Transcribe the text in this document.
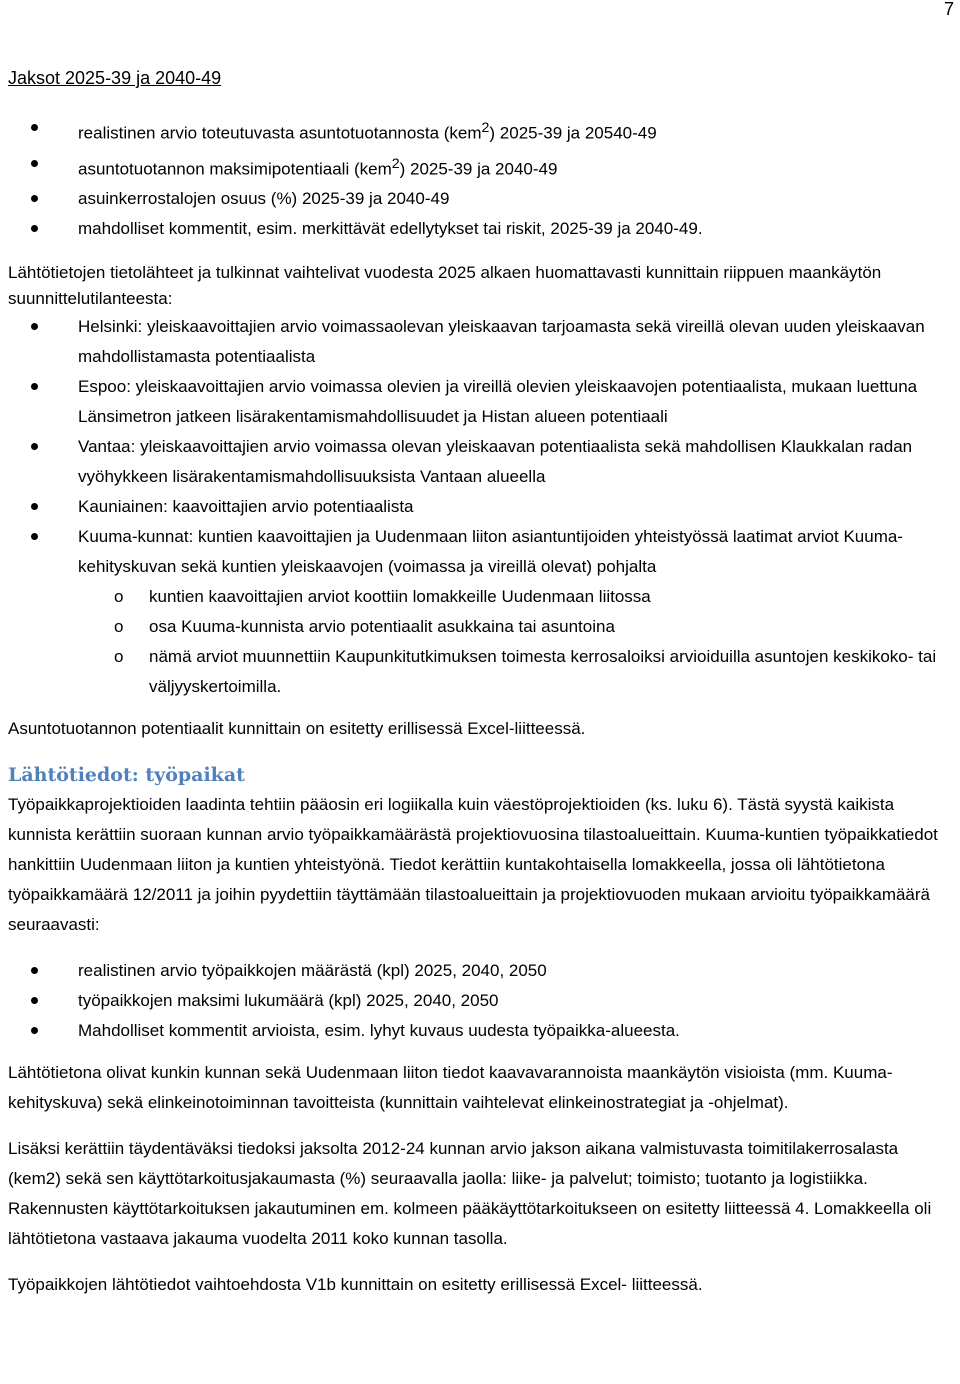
7
Jaksot 2025-39 ja 2040-49
realistinen arvio toteutuvasta asuntotuotannosta (kem$^2$) 2025-39 ja 20540-49
asuntotuotannon maksimipotentiaali (kem$^2$) 2025-39 ja 2040-49
asuinkerrostalojen osuus (%) 2025-39 ja 2040-49
mahdolliset kommentit, esim. merkittävät edellytykset tai riskit, 2025-39 ja 2040-49.

Lähtötietojen tietolähteet ja tulkinnat vaihtelivat vuodesta 2025 alkaen huomattavasti kunnittain riippuen maankäytön suunnittelutilanteesta:

Helsinki: yleiskaavoittajien arvio voimassaolevan yleiskaavan tarjoamasta sekä vireillä olevan uuden yleiskaavan mahdollistamasta potentiaalista
Espoo: yleiskaavoittajien arvio voimassa olevien ja vireillä olevien yleiskaavojen potentiaalista, mukaan luettuna Länsimetron jatkeen lisärakentamismahdollisuudet ja Histan alueen potentiaali
Vantaa: yleiskaavoittajien arvio voimassa olevan yleiskaavan potentiaalista sekä mahdollisen Klaukkalan radan vyöhykkeen lisärakentamismahdollisuuksista Vantaan alueella
Kauniainen: kaavoittajien arvio potentiaalista
Kuuma-kunnat: kuntien kaavoittajien ja Uudenmaan liiton asiantuntijoiden yhteistyössä laatimat arviot Kuuma-kehityskuvan sekä kuntien yleiskaavojen (voimassa ja vireillä olevat) pohjalta
o kuntien kaavoittajien arviot koottiin lomakkeille Uudenmaan liitossa
o osa Kuuma-kunnista arvio potentiaalit asukkaina tai asuntoina
o nämä arviot muunnettiin Kaupunkitutkimuksen toimesta kerrosaloiksi arvioiduilla asuntojen keskikoko- tai väljyyskertoimilla.

Asuntotuotannon potentiaalit kunnittain on esitetty erillisessä Excel-liitteessä.

Lähtötiedot: työpaikat

Työpaikkaprojektioiden laadinta tehtiin pääosin eri logiikalla kuin väestöprojektioiden (ks. luku 6). Tästä syystä kaikista kunnista kerättiin suoraan kunnan arvio työpaikkamäärästä projektiovuosina tilastoalueittain. Kuuma-kuntien työpaikkatiedot hankittiin Uudenmaan liiton ja kuntien yhteistyönä. Tiedot kerättiin kuntakohtaisella lomakkeella, jossa oli lähtötietona työpaikkamäärä 12/2011 ja joihin pyydettiin täyttämään tilastoalueittain ja projektiovuoden mukaan arvioitu työpaikkamäärä seuraavasti:

realistinen arvio työpaikkojen määrästä (kpl) 2025, 2040, 2050
työpaikkojen maksimi lukumäärä (kpl) 2025, 2040, 2050
Mahdolliset kommentit arvioista, esim. lyhyt kuvaus uudesta työpaikka-alueesta.

Lähtötietona olivat kunkin kunnan sekä Uudenmaan liiton tiedot kaavavarannoista maankäytön visioista (mm. Kuuma-kehityskuva) sekä elinkeinotoiminnan tavoitteista (kunnittain vaihtelevat elinkeinostrategiat ja -ohjelmat).

Lisäksi kerättiin täydentäväksi tiedoksi jaksolta 2012-24 kunnan arvio jakson aikana valmistuvasta toimitilakerrosalasta (kem2) sekä sen käyttötarkoitusjakaumasta (%) seuraavalla jaolla: liike- ja palvelut; toimisto; tuotanto ja logistiikka. Rakennusten käyttötarkoituksen jakautuminen em. kolmeen pääkäyttötarkoitukseen on esitetty liitteessä 4. Lomakkeella oli lähtötietona vastaava jakauma vuodelta 2011 koko kunnan tasolla.

Työpaikkojen lähtötiedot vaihtoehdosta V1b kunnittain on esitetty erillisessä Excel- liitteessä.
